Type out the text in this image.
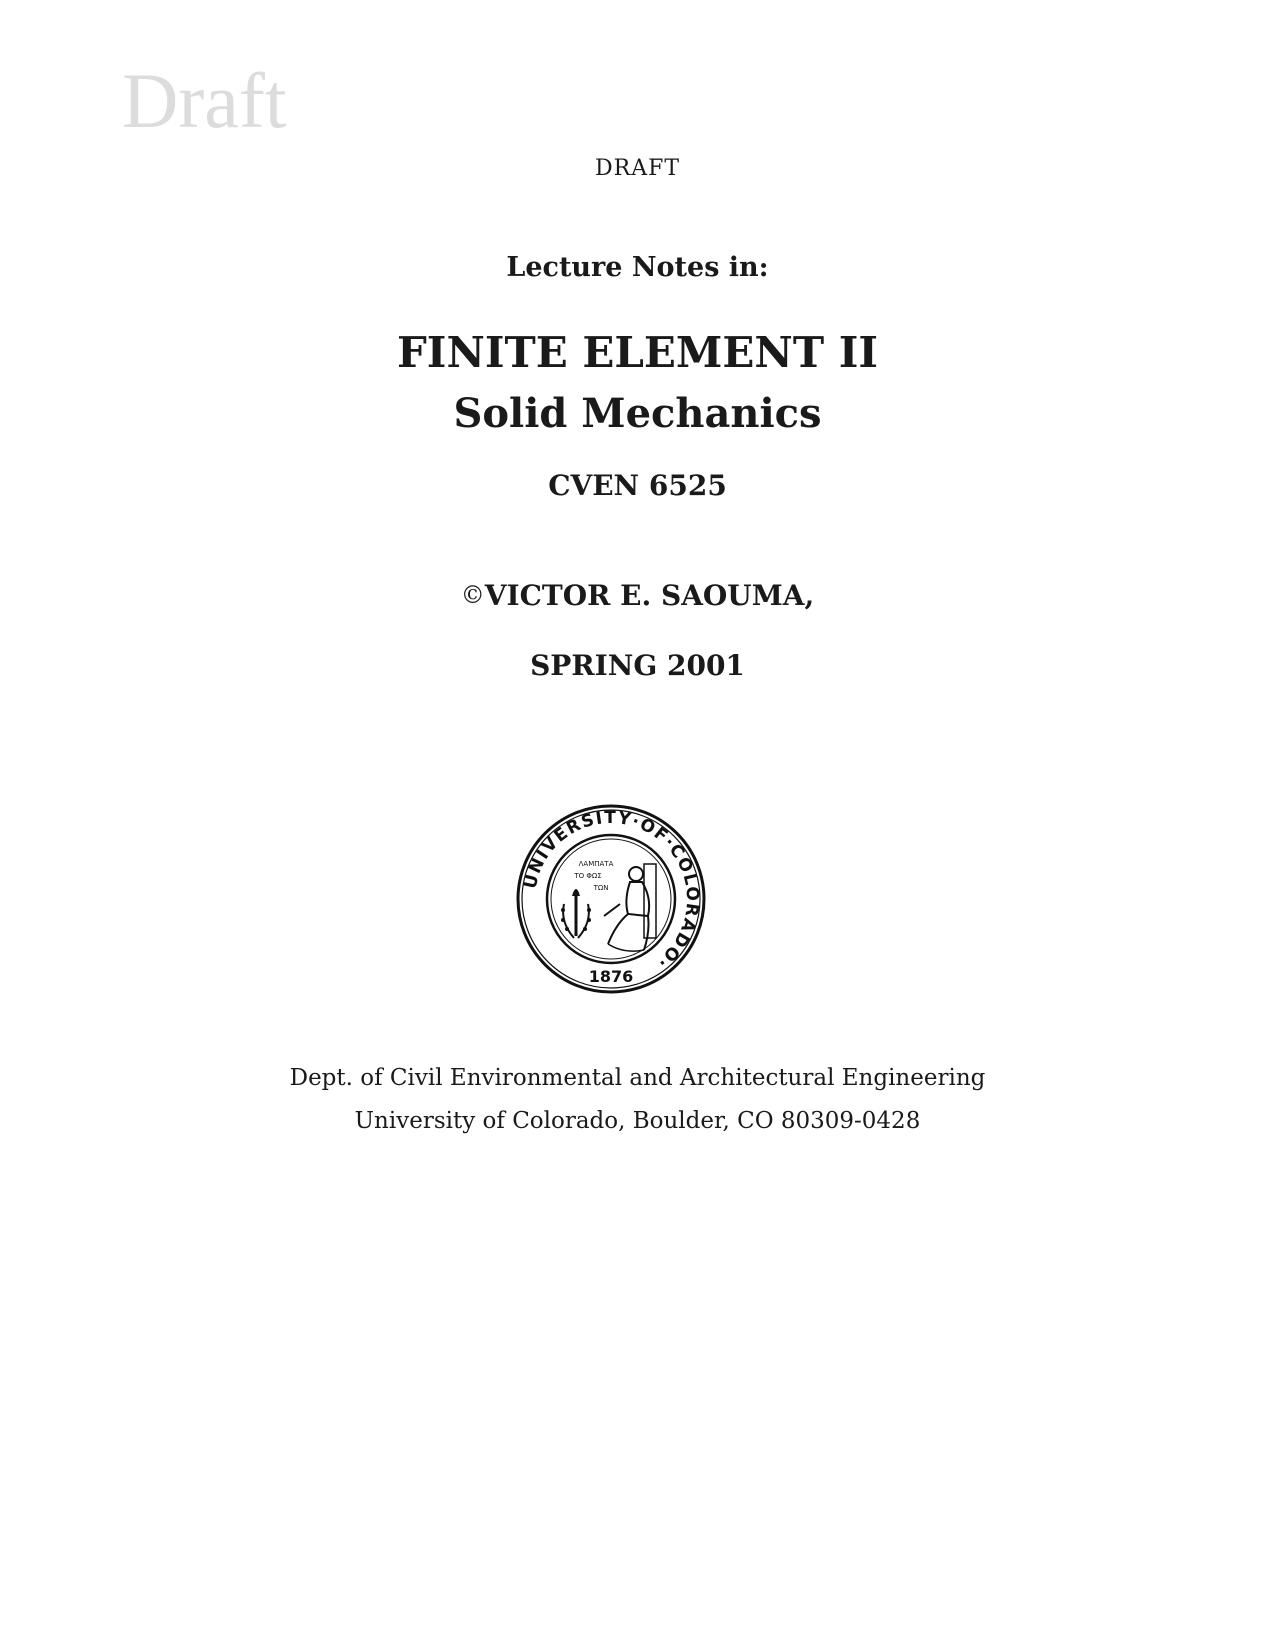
Draft
DRAFT
Lecture Notes in:
FINITE ELEMENT II
Solid Mechanics
CVEN 6525
©VICTOR E. SAOUMA,
SPRING 2001
UNIVERSITY·OF·COLORADO·
1876
ΛΑΜΠΑΤΑ
ΤΟ ΦΩΣ
ΤΩΝ
Dept. of Civil Environmental and Architectural Engineering
University of Colorado, Boulder, CO 80309-0428
